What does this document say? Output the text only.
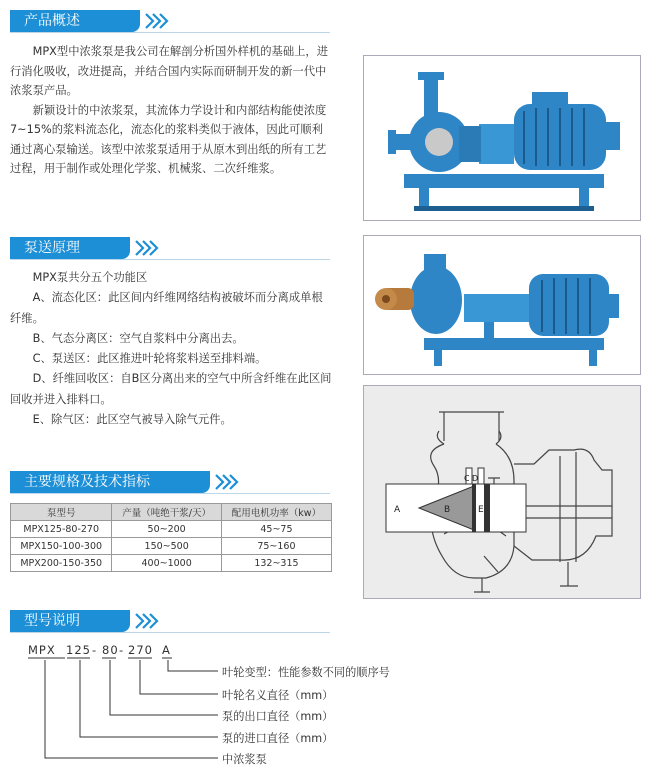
产品概述

MPX型中浓浆泵是我公司在解剖分析国外样机的基础上，进行消化吸收，改进提高，并结合国内实际而研制开发的新一代中浓浆泵产品。

新颖设计的中浓浆泵，其流体力学设计和内部结构能使浓度7~15%的浆料流态化，流态化的浆料类似于液体，因此可顺利通过离心泵输送。该型中浓浆泵适用于从原木到出纸的所有工艺过程，用于制作或处理化学浆、机械浆、二次纤维浆。

泵送原理

MPX泵共分五个功能区

A、流态化区：此区间内纤维网络结构被破坏而分离成单根纤维。

B、气态分离区：空气自浆料中分离出去。

C、泵送区：此区推进叶轮将浆料送至排料端。

D、纤维回收区：自B区分离出来的空气中所含纤维在此区间回收并进入排料口。

E、除气区：此区空气被导入除气元件。

主要规格及技术指标
泵型号	产量（吨绝干浆/天）	配用电机功率（kw）
MPX125-80-270	50~200	45~75
MPX150-100-300	150~500	75~160
MPX200-150-350	400~1000	132~315
型号说明
MPX 125 - 80 - 270 A
叶轮变型：性能参数不同的顺序号
叶轮名义直径（mm）
泵的出口直径（mm）
泵的进口直径（mm）
中浓浆泵
A	B
C D
E
